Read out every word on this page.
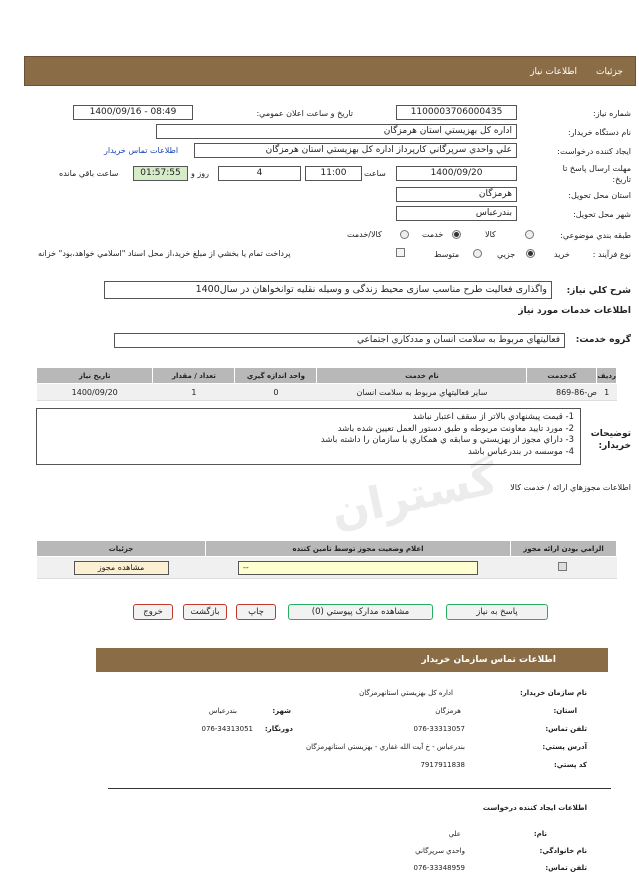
گستران
جزئيات
اطلاعات نياز
شماره نياز:
1100003706000435
تاريخ و ساعت اعلان عمومي:
1400/09/16 - 08:49
نام دستگاه خريدار:
اداره کل بهزيستي استان هرمزگان
ايجاد کننده درخواست:
علي واحدي سرپرگاني کارپرداز اداره کل بهزيستي استان هرمزگان
اطلاعات تماس خريدار
مهلت ارسال پاسخ تا تاريخ:
1400/09/20
ساعت
11:00
4
روز و
01:57:55
ساعت باقي مانده
استان محل تحويل:
هرمزگان
شهر محل تحويل:
بندرعباس
طبقه بندي موضوعي:
کالا
خدمت
کالا/خدمت
نوع فرآيند :
خريد
جزيي
متوسط
پرداخت تمام يا بخشي از مبلغ خريد،از محل اسناد "اسلامي خواهد،بود" خزانه
شرح کلي نياز:
واگذاری فعالیت طرح مناسب سازی محیط زندگی و وسیله نقلیه توانخواهان در سال1400
اطلاعات خدمات مورد نياز
گروه خدمت:
فعاليتهاي مربوط به سلامت انسان و مددکاري اجتماعي
رديف	کدخدمت	نام خدمت	واحد اندازه گيري	تعداد / مقدار	تاريخ نياز
1	ص-86-869	ساير فعاليتهاي مربوط به سلامت انسان	0	1	1400/09/20
توضيحات خريدار:
1- قيمت پيشنهادي بالاتر از سقف اعتبار نباشد
2- مورد تاييد معاونت مربوطه و طبق دستور العمل تعيين شده باشد
3- داراي مجوز از بهزيستي و سابقه ي همکاري با سازمان را داشته باشد
4- موسسه در بندرعباس باشد
اطلاعات مجوزهاي ارائه / خدمت کالا
الزامي بودن ارائه مجوز	اعلام وضعيت مجوز توسط تامين کننده	جزئيات

	--	مشاهده مجوز
پاسخ به نياز
مشاهده مدارک پيوستي (0)
چاپ
بازگشت
خروج
اطلاعات تماس سازمان خريدار
نام سازمان خريدار:
اداره کل بهزيستي استانهرمزگان
استان:
هرمزگان
شهر:
بندرعباس
تلفن تماس:
076-33313057
دورنگار:
076-34313051
آدرس پستي:
بندرعباس - خ آيت الله غفاري - بهزيستي استانهرمزگان
کد پستي:
7917911838
اطلاعات ايجاد کننده درخواست
نام:
علي
نام خانوادگي:
واحدي سرپرگاني
تلفن تماس:
076-33348959
